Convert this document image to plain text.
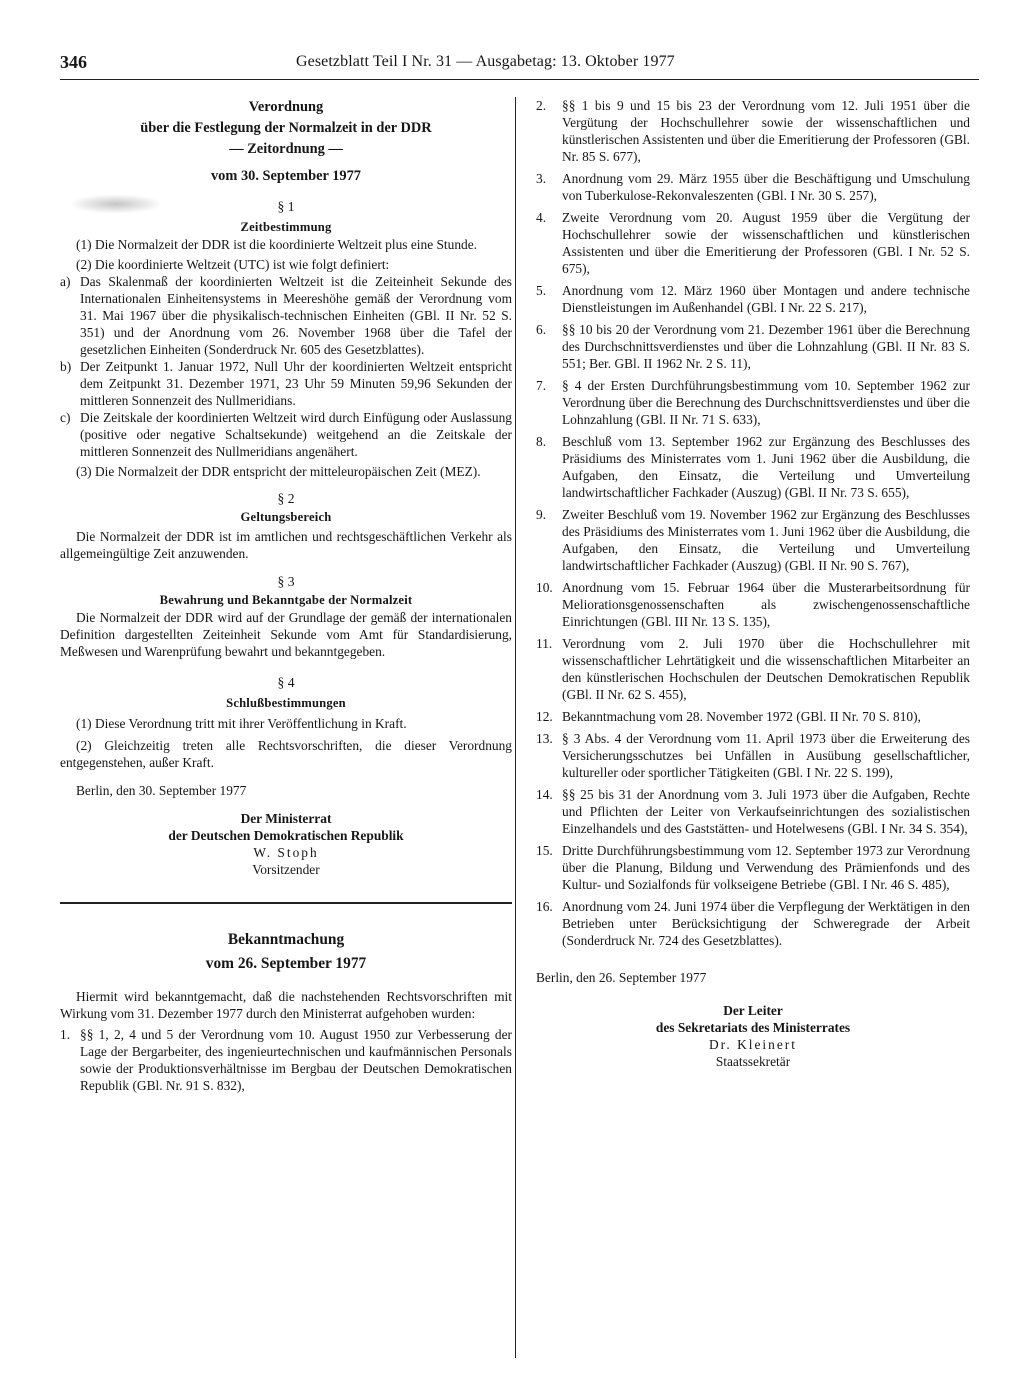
346	Gesetzblatt Teil I Nr. 31 — Ausgabetag: 13. Oktober 1977
Verordnung
über die Festlegung der Normalzeit in der DDR
— Zeitordnung —
vom 30. September 1977
§ 1
Zeitbestimmung

(1) Die Normalzeit der DDR ist die koordinierte Weltzeit plus eine Stunde.

(2) Die koordinierte Weltzeit (UTC) ist wie folgt definiert:

a) Das Skalenmaß der koordinierten Weltzeit ist die Zeiteinheit Sekunde des Internationalen Einheitensystems in Meereshöhe gemäß der Verordnung vom 31. Mai 1967 über die physikalisch-technischen Einheiten (GBl. II Nr. 52 S. 351) und der Anordnung vom 26. November 1968 über die Tafel der gesetzlichen Einheiten (Sonderdruck Nr. 605 des Gesetzblattes).
b) Der Zeitpunkt 1. Januar 1972, Null Uhr der koordinierten Weltzeit entspricht dem Zeitpunkt 31. Dezember 1971, 23 Uhr 59 Minuten 59,96 Sekunden der mittleren Sonnenzeit des Nullmeridians.
c) Die Zeitskale der koordinierten Weltzeit wird durch Einfügung oder Auslassung (positive oder negative Schaltsekunde) weitgehend an die Zeitskale der mittleren Sonnenzeit des Nullmeridians angenähert.

(3) Die Normalzeit der DDR entspricht der mitteleuropäischen Zeit (MEZ).

§ 2
Geltungsbereich

Die Normalzeit der DDR ist im amtlichen und rechtsgeschäftlichen Verkehr als allgemeingültige Zeit anzuwenden.

§ 3
Bewahrung und Bekanntgabe der Normalzeit

Die Normalzeit der DDR wird auf der Grundlage der gemäß der internationalen Definition dargestellten Zeiteinheit Sekunde vom Amt für Standardisierung, Meßwesen und Warenprüfung bewahrt und bekanntgegeben.

§ 4
Schlußbestimmungen

(1) Diese Verordnung tritt mit ihrer Veröffentlichung in Kraft.

(2) Gleichzeitig treten alle Rechtsvorschriften, die dieser Verordnung entgegenstehen, außer Kraft.

Berlin, den 30. September 1977

Der Ministerrat
der Deutschen Demokratischen Republik
W. Stoph
Vorsitzender
Bekanntmachung
vom 26. September 1977

Hiermit wird bekanntgemacht, daß die nachstehenden Rechtsvorschriften mit Wirkung vom 31. Dezember 1977 durch den Ministerrat aufgehoben wurden:

1. §§ 1, 2, 4 und 5 der Verordnung vom 10. August 1950 zur Verbesserung der Lage der Bergarbeiter, des ingenieurtechnischen und kaufmännischen Personals sowie der Produktionsverhältnisse im Bergbau der Deutschen Demokratischen Republik (GBl. Nr. 91 S. 832),
2.	§§ 1 bis 9 und 15 bis 23 der Verordnung vom 12. Juli 1951 über die Vergütung der Hochschullehrer sowie der wissenschaftlichen und künstlerischen Assistenten und über die Emeritierung der Professoren (GBl. Nr. 85 S. 677),
3.	Anordnung vom 29. März 1955 über die Beschäftigung und Umschulung von Tuberkulose-Rekonvaleszenten (GBl. I Nr. 30 S. 257),
4.	Zweite Verordnung vom 20. August 1959 über die Vergütung der Hochschullehrer sowie der wissenschaftlichen und künstlerischen Assistenten und über die Emeritierung der Professoren (GBl. I Nr. 52 S. 675),
5.	Anordnung vom 12. März 1960 über Montagen und andere technische Dienstleistungen im Außenhandel (GBl. I Nr. 22 S. 217),
6.	§§ 10 bis 20 der Verordnung vom 21. Dezember 1961 über die Berechnung des Durchschnittsverdienstes und über die Lohnzahlung (GBl. II Nr. 83 S. 551; Ber. GBl. II 1962 Nr. 2 S. 11),
7.	§ 4 der Ersten Durchführungsbestimmung vom 10. September 1962 zur Verordnung über die Berechnung des Durchschnittsverdienstes und über die Lohnzahlung (GBl. II Nr. 71 S. 633),
8.	Beschluß vom 13. September 1962 zur Ergänzung des Beschlusses des Präsidiums des Ministerrates vom 1. Juni 1962 über die Ausbildung, die Aufgaben, den Einsatz, die Verteilung und Umverteilung landwirtschaftlicher Fachkader (Auszug) (GBl. II Nr. 73 S. 655),
9.	Zweiter Beschluß vom 19. November 1962 zur Ergänzung des Beschlusses des Präsidiums des Ministerrates vom 1. Juni 1962 über die Ausbildung, die Aufgaben, den Einsatz, die Verteilung und Umverteilung landwirtschaftlicher Fachkader (Auszug) (GBl. II Nr. 90 S. 767),
10. Anordnung vom 15. Februar 1964 über die Musterarbeitsordnung für Meliorationsgenossenschaften als zwischengenossenschaftliche Einrichtungen (GBl. III Nr. 13 S. 135),
11. Verordnung vom 2. Juli 1970 über die Hochschullehrer mit wissenschaftlicher Lehrtätigkeit und die wissenschaftlichen Mitarbeiter an den künstlerischen Hochschulen der Deutschen Demokratischen Republik (GBl. II Nr. 62 S. 455),
12. Bekanntmachung vom 28. November 1972 (GBl. II Nr. 70 S. 810),
13. § 3 Abs. 4 der Verordnung vom 11. April 1973 über die Erweiterung des Versicherungsschutzes bei Unfällen in Ausübung gesellschaftlicher, kultureller oder sportlicher Tätigkeiten (GBl. I Nr. 22 S. 199),
14. §§ 25 bis 31 der Anordnung vom 3. Juli 1973 über die Aufgaben, Rechte und Pflichten der Leiter von Verkaufseinrichtungen des sozialistischen Einzelhandels und des Gaststätten- und Hotelwesens (GBl. I Nr. 34 S. 354),
15. Dritte Durchführungsbestimmung vom 12. September 1973 zur Verordnung über die Planung, Bildung und Verwendung des Prämienfonds und des Kultur- und Sozialfonds für volkseigene Betriebe (GBl. I Nr. 46 S. 485),
16. Anordnung vom 24. Juni 1974 über die Verpflegung der Werktätigen in den Betrieben unter Berücksichtigung der Schweregrade der Arbeit (Sonderdruck Nr. 724 des Gesetzblattes).

Berlin, den 26. September 1977

Der Leiter
des Sekretariats des Ministerrates
Dr. Kleinert
Staatssekretär
